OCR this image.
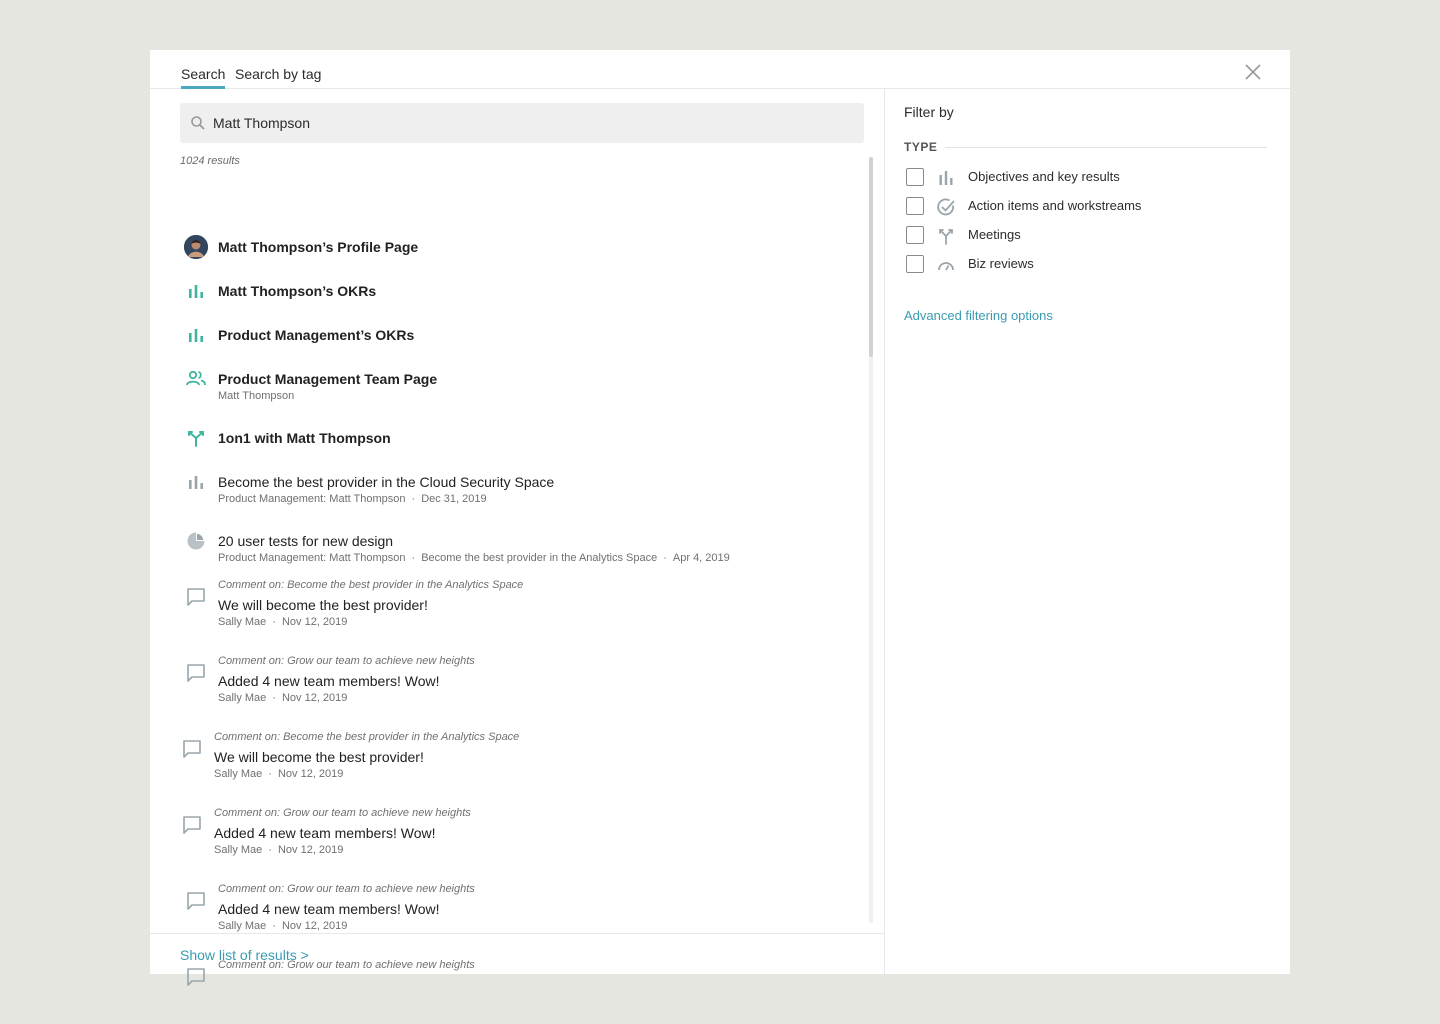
Search Search by tag
Matt Thompson
1024 results
Matt Thompson’s Profile Page
Matt Thompson’s OKRs
Product Management’s OKRs
Product Management Team Page
Matt Thompson
1on1 with Matt Thompson
Become the best provider in the Cloud Security Space
Product Management: Matt Thompson · Dec 31, 2019
20 user tests for new design
Product Management: Matt Thompson · Become the best provider in the Analytics Space · Apr 4, 2019
Comment on: Become the best provider in the Analytics Space
We will become the best provider!
Sally Mae · Nov 12, 2019
Comment on: Grow our team to achieve new heights
Added 4 new team members! Wow!
Sally Mae · Nov 12, 2019
Comment on: Become the best provider in the Analytics Space
We will become the best provider!
Sally Mae · Nov 12, 2019
Comment on: Grow our team to achieve new heights
Added 4 new team members! Wow!
Sally Mae · Nov 12, 2019
Comment on: Grow our team to achieve new heights
Added 4 new team members! Wow!
Sally Mae · Nov 12, 2019
Comment on: Grow our team to achieve new heights
Show list of results >
Filter by
TYPE
Objectives and key results
Action items and workstreams
Meetings
Biz reviews
Advanced filtering options
